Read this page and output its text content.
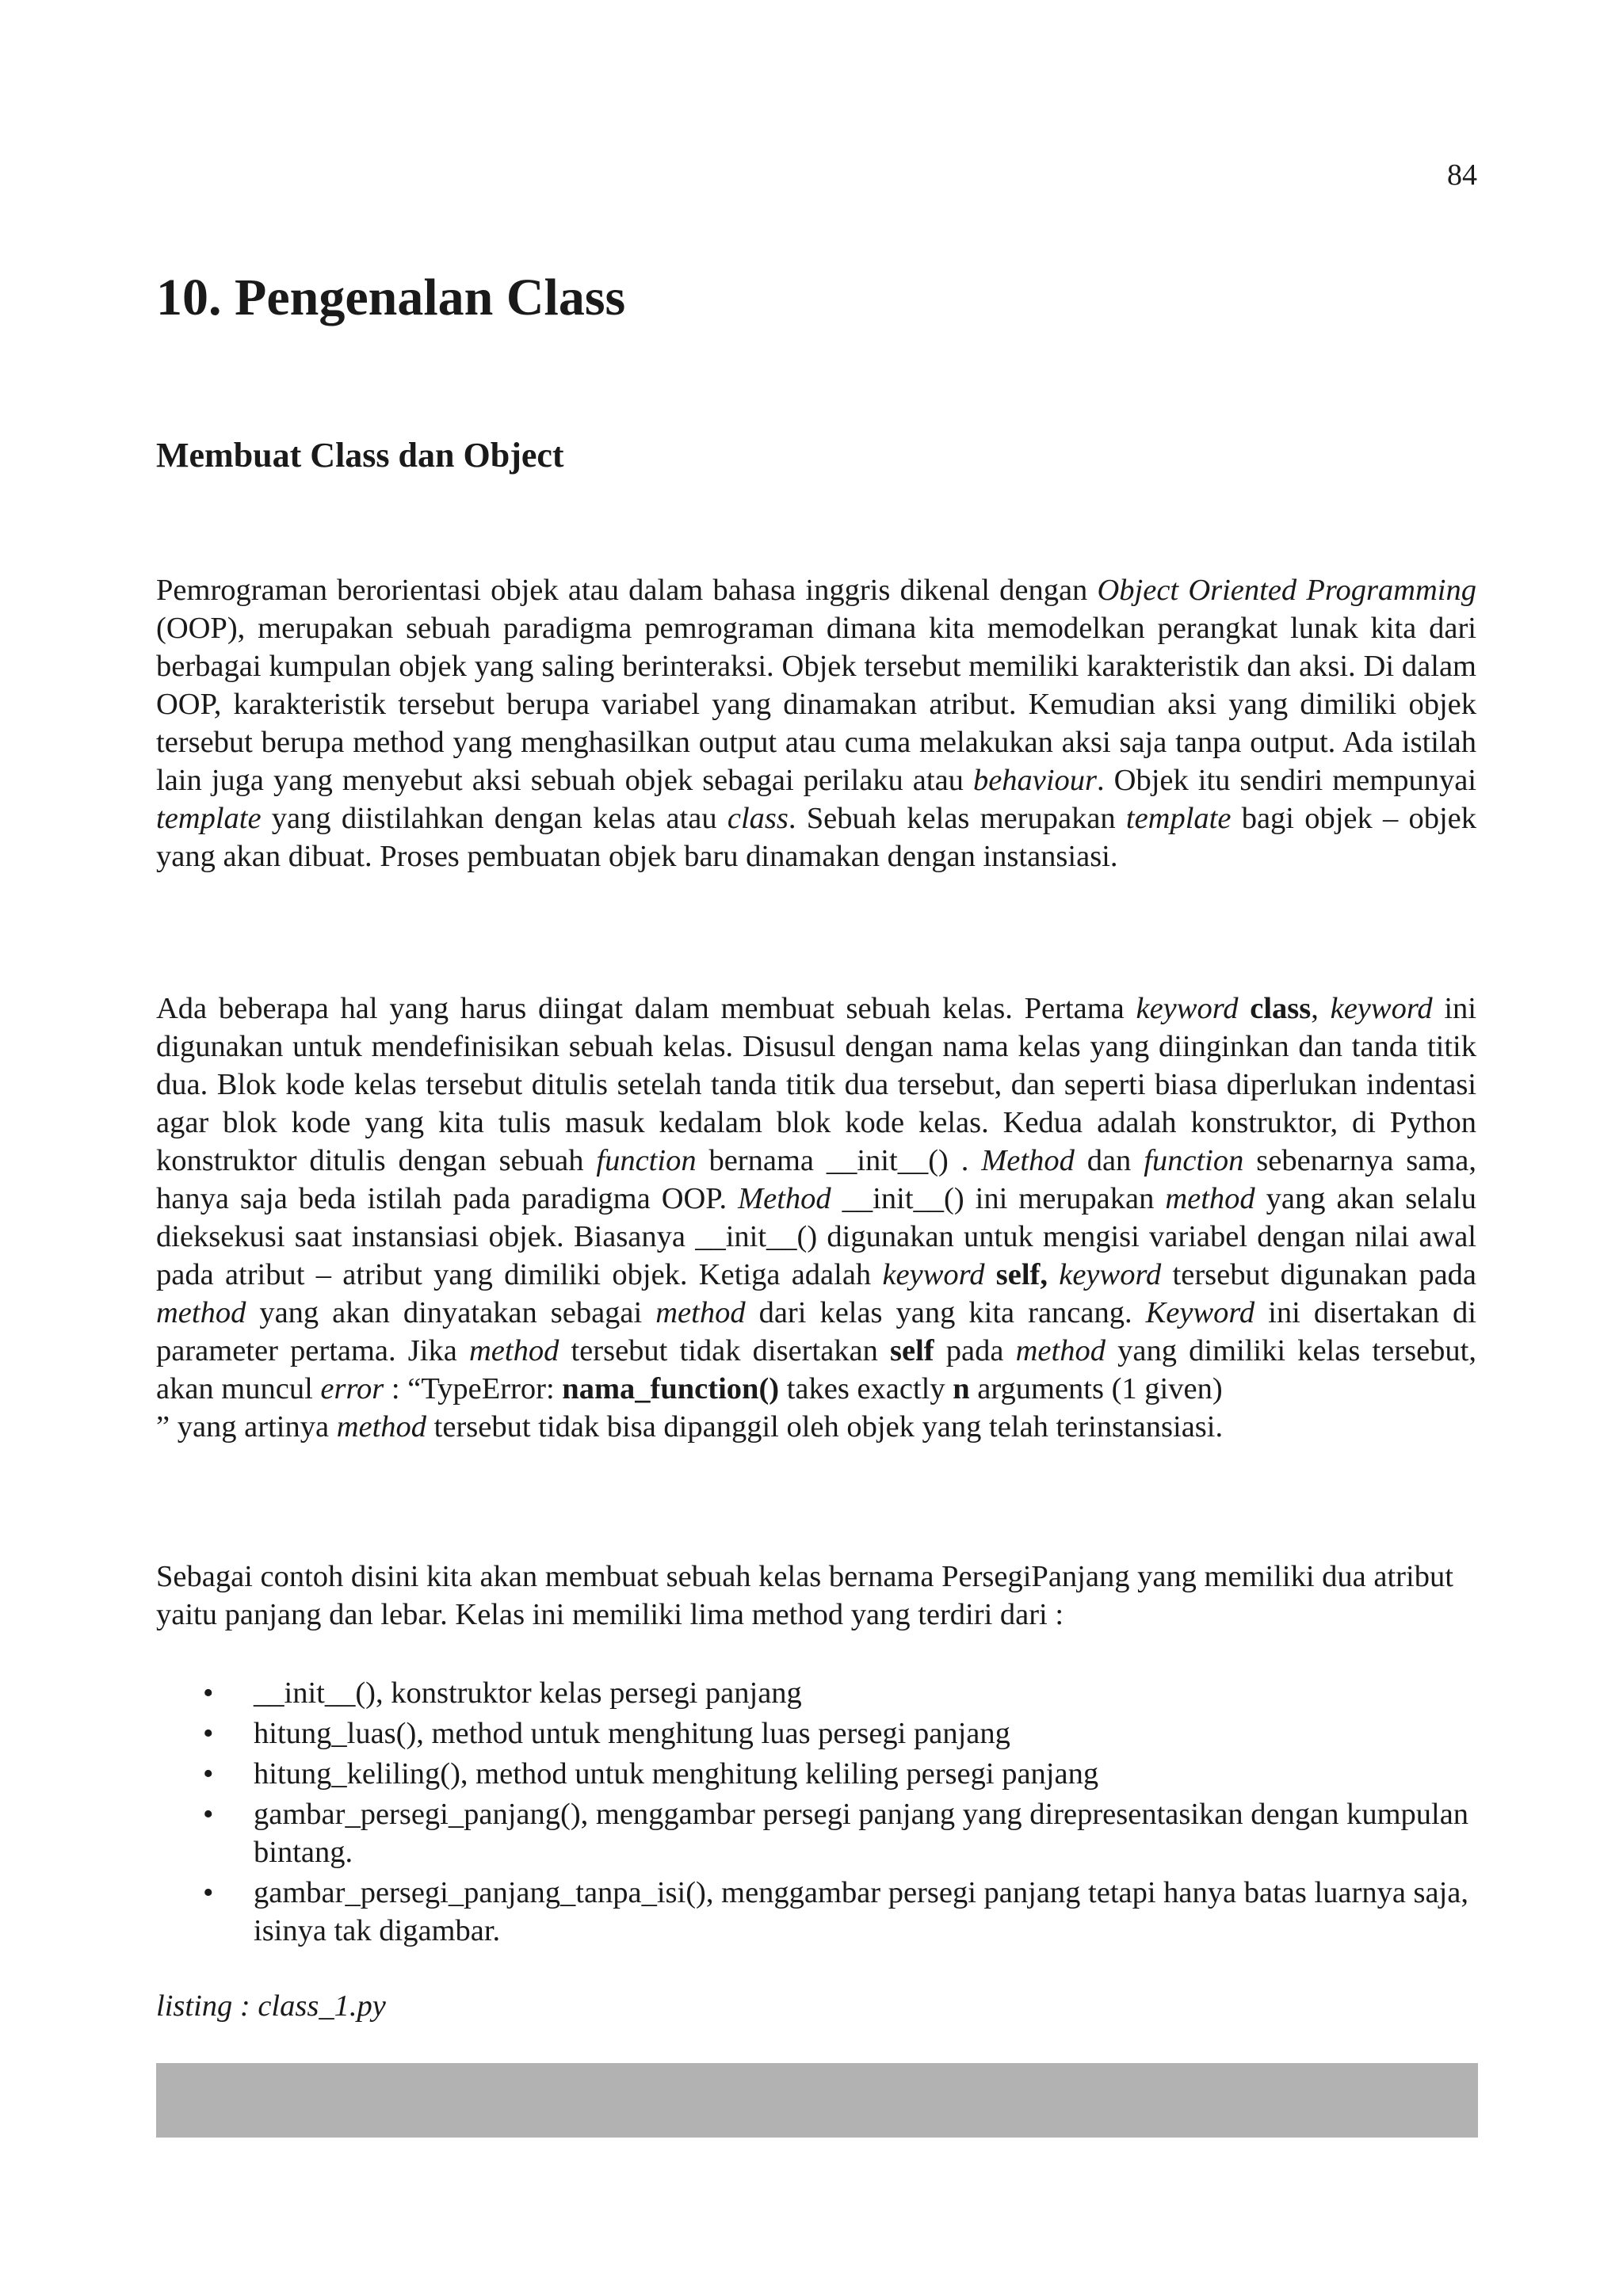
84
10. Pengenalan Class
Membuat Class dan Object

Pemrograman berorientasi objek atau dalam bahasa inggris dikenal dengan Object Oriented Programming (OOP), merupakan sebuah paradigma pemrograman dimana kita memodelkan perangkat lunak kita dari berbagai kumpulan objek yang saling berinteraksi. Objek tersebut memiliki karakteristik dan aksi. Di dalam OOP, karakteristik tersebut berupa variabel yang dinamakan atribut. Kemudian aksi yang dimiliki objek tersebut berupa method yang menghasilkan output atau cuma melakukan aksi saja tanpa output. Ada istilah lain juga yang menyebut aksi sebuah objek sebagai perilaku atau behaviour. Objek itu sendiri mempunyai template yang diistilahkan dengan kelas atau class. Sebuah kelas merupakan template bagi objek – objek yang akan dibuat. Proses pembuatan objek baru dinamakan dengan instansiasi.

Ada beberapa hal yang harus diingat dalam membuat sebuah kelas. Pertama keyword class, keyword ini digunakan untuk mendefinisikan sebuah kelas. Disusul dengan nama kelas yang diinginkan dan tanda titik dua. Blok kode kelas tersebut ditulis setelah tanda titik dua tersebut, dan seperti biasa diperlukan indentasi agar blok kode yang kita tulis masuk kedalam blok kode kelas. Kedua adalah konstruktor, di Python konstruktor ditulis dengan sebuah function bernama __init__() . Method dan function sebenarnya sama, hanya saja beda istilah pada paradigma OOP. Method __init__() ini merupakan method yang akan selalu dieksekusi saat instansiasi objek. Biasanya __init__() digunakan untuk mengisi variabel dengan nilai awal pada atribut – atribut yang dimiliki objek. Ketiga adalah keyword self, keyword tersebut digunakan pada method yang akan dinyatakan sebagai method dari kelas yang kita rancang. Keyword ini disertakan di parameter pertama. Jika method tersebut tidak disertakan self pada method yang dimiliki kelas tersebut, akan muncul error : “TypeError: nama_function() takes exactly n arguments (1 given)
” yang artinya method tersebut tidak bisa dipanggil oleh objek yang telah terinstansiasi.

Sebagai contoh disini kita akan membuat sebuah kelas bernama PersegiPanjang yang memiliki dua atribut yaitu panjang dan lebar. Kelas ini memiliki lima method yang terdiri dari :

• __init__(), konstruktor kelas persegi panjang
• hitung_luas(), method untuk menghitung luas persegi panjang
• hitung_keliling(), method untuk menghitung keliling persegi panjang
• gambar_persegi_panjang(), menggambar persegi panjang yang direpresentasikan dengan kumpulan bintang.
• gambar_persegi_panjang_tanpa_isi(), menggambar persegi panjang tetapi hanya batas luarnya saja, isinya tak digambar.

listing : class_1.py
